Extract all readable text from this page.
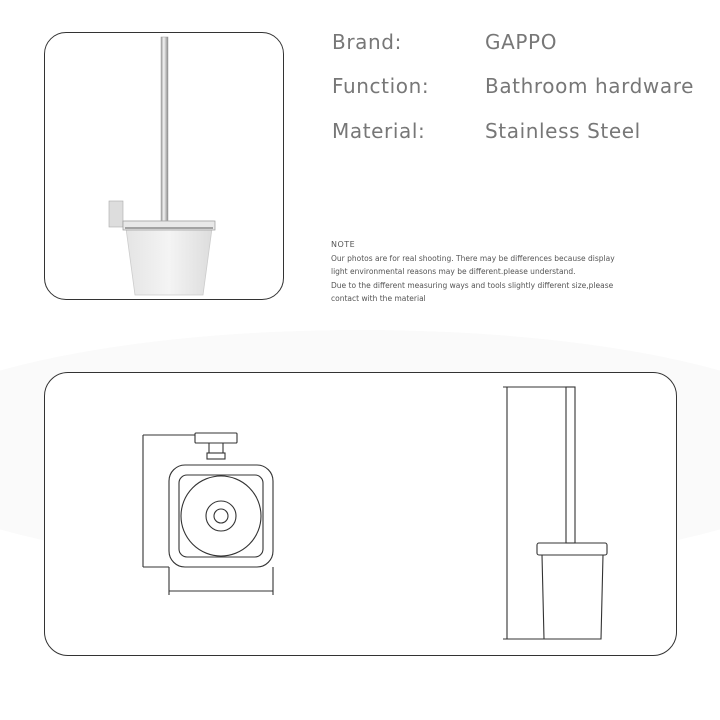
Brand:	GAPPO
Function:	Bathroom hardware
Material:	Stainless Steel
NOTE
Our photos are for real shooting. There may be differences because display
light environmental reasons may be different.please understand.
Due to the different measuring ways and tools slightly different size,please
contact with the material
